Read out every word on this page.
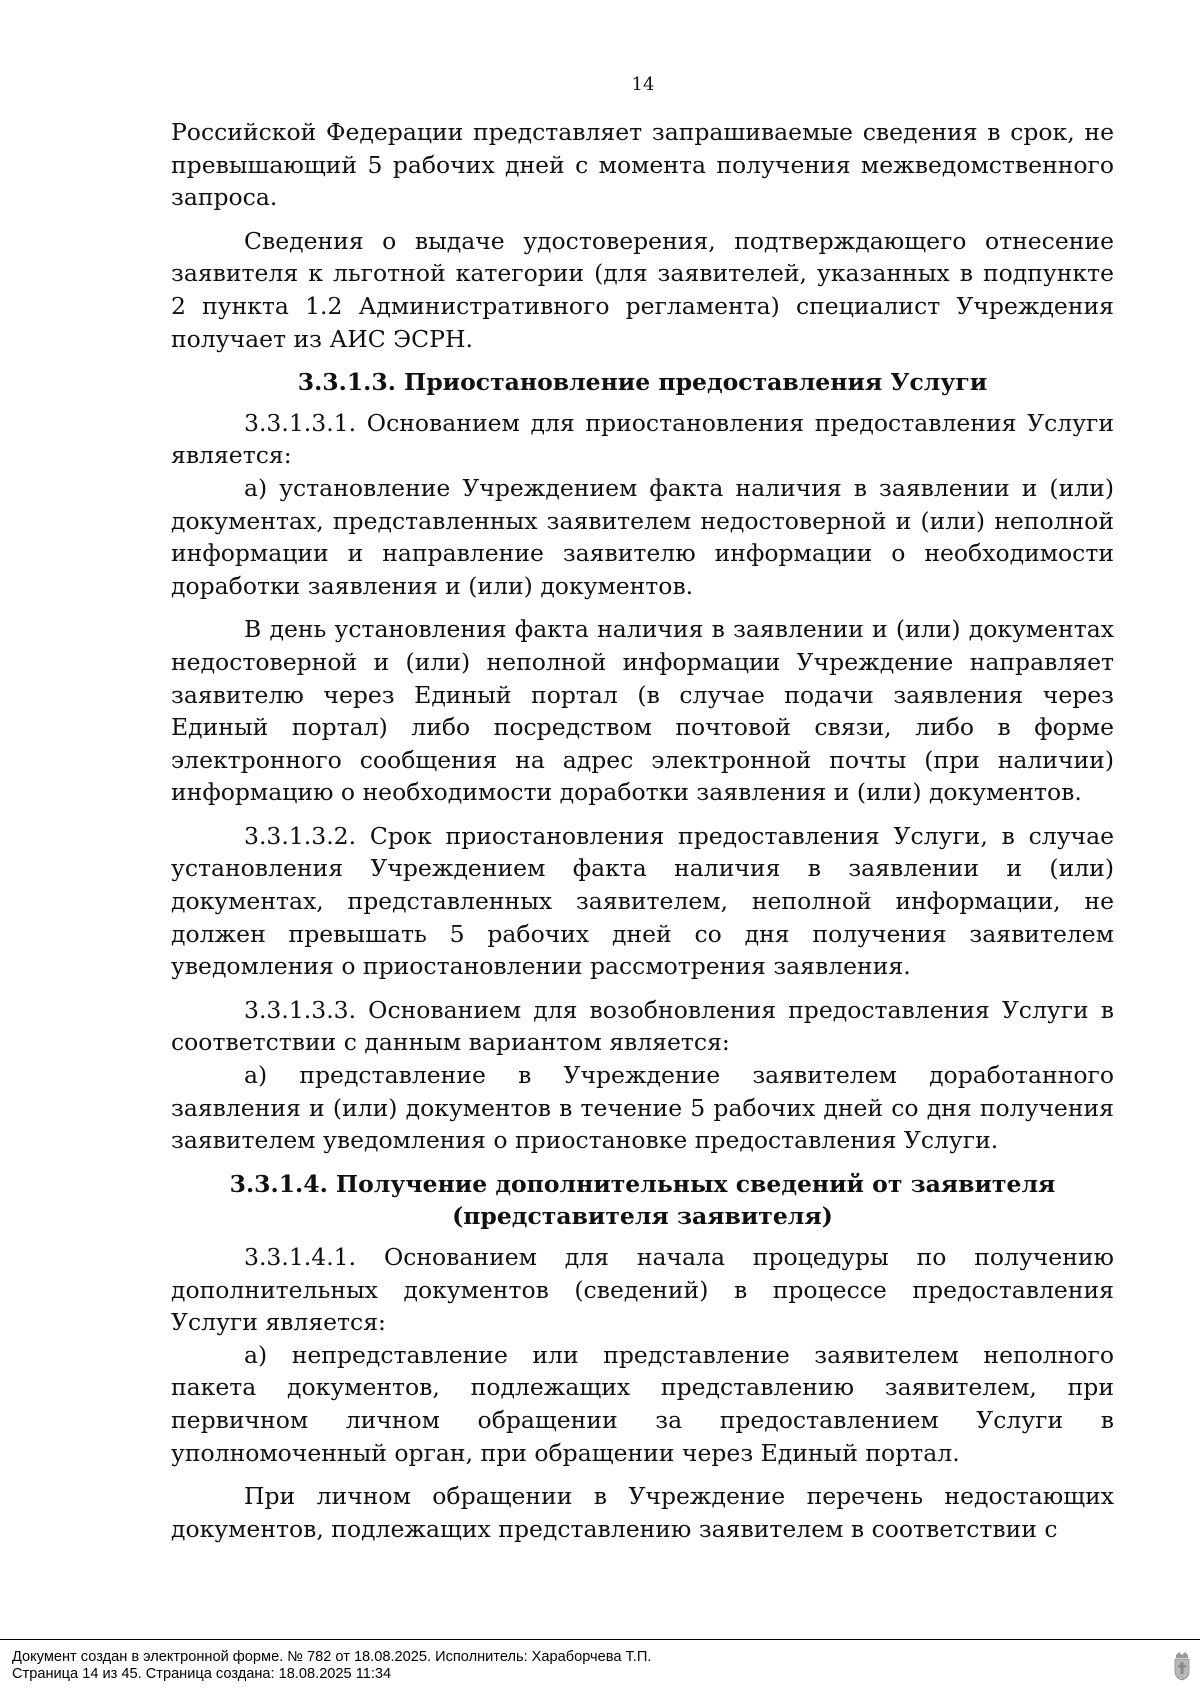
14

Российской Федерации представляет запрашиваемые сведения в срок, не превышающий 5 рабочих дней с момента получения межведомственного запроса.

Сведения о выдаче удостоверения, подтверждающего отнесение заявителя к льготной категории (для заявителей, указанных в подпункте 2 пункта 1.2 Административного регламента) специалист Учреждения получает из АИС ЭСРН.

3.3.1.3. Приостановление предоставления Услуги

3.3.1.3.1. Основанием для приостановления предоставления Услуги является:

а) установление Учреждением факта наличия в заявлении и (или) документах, представленных заявителем недостоверной и (или) неполной информации и направление заявителю информации о необходимости доработки заявления и (или) документов.

В день установления факта наличия в заявлении и (или) документах недостоверной и (или) неполной информации Учреждение направляет заявителю через Единый портал (в случае подачи заявления через Единый портал) либо посредством почтовой связи, либо в форме электронного сообщения на адрес электронной почты (при наличии) информацию о необходимости доработки заявления и (или) документов.

3.3.1.3.2. Срок приостановления предоставления Услуги, в случае установления Учреждением факта наличия в заявлении и (или) документах, представленных заявителем, неполной информации, не должен превышать 5 рабочих дней со дня получения заявителем уведомления о приостановлении рассмотрения заявления.

3.3.1.3.3. Основанием для возобновления предоставления Услуги в соответствии с данным вариантом является:

а) представление в Учреждение заявителем доработанного заявления и (или) документов в течение 5 рабочих дней со дня получения заявителем уведомления о приостановке предоставления Услуги.

3.3.1.4. Получение дополнительных сведений от заявителя
(представителя заявителя)

3.3.1.4.1. Основанием для начала процедуры по получению дополнительных документов (сведений) в процессе предоставления Услуги является:

а) непредставление или представление заявителем неполного пакета документов, подлежащих представлению заявителем, при первичном личном обращении за предоставлением Услуги в уполномоченный орган, при обращении через Единый портал.

При личном обращении в Учреждение перечень недостающих документов, подлежащих представлению заявителем в соответствии с

Документ создан в электронной форме. № 782 от 18.08.2025. Исполнитель: Хараборчева Т.П.
Страница 14 из 45. Страница создана: 18.08.2025 11:34
